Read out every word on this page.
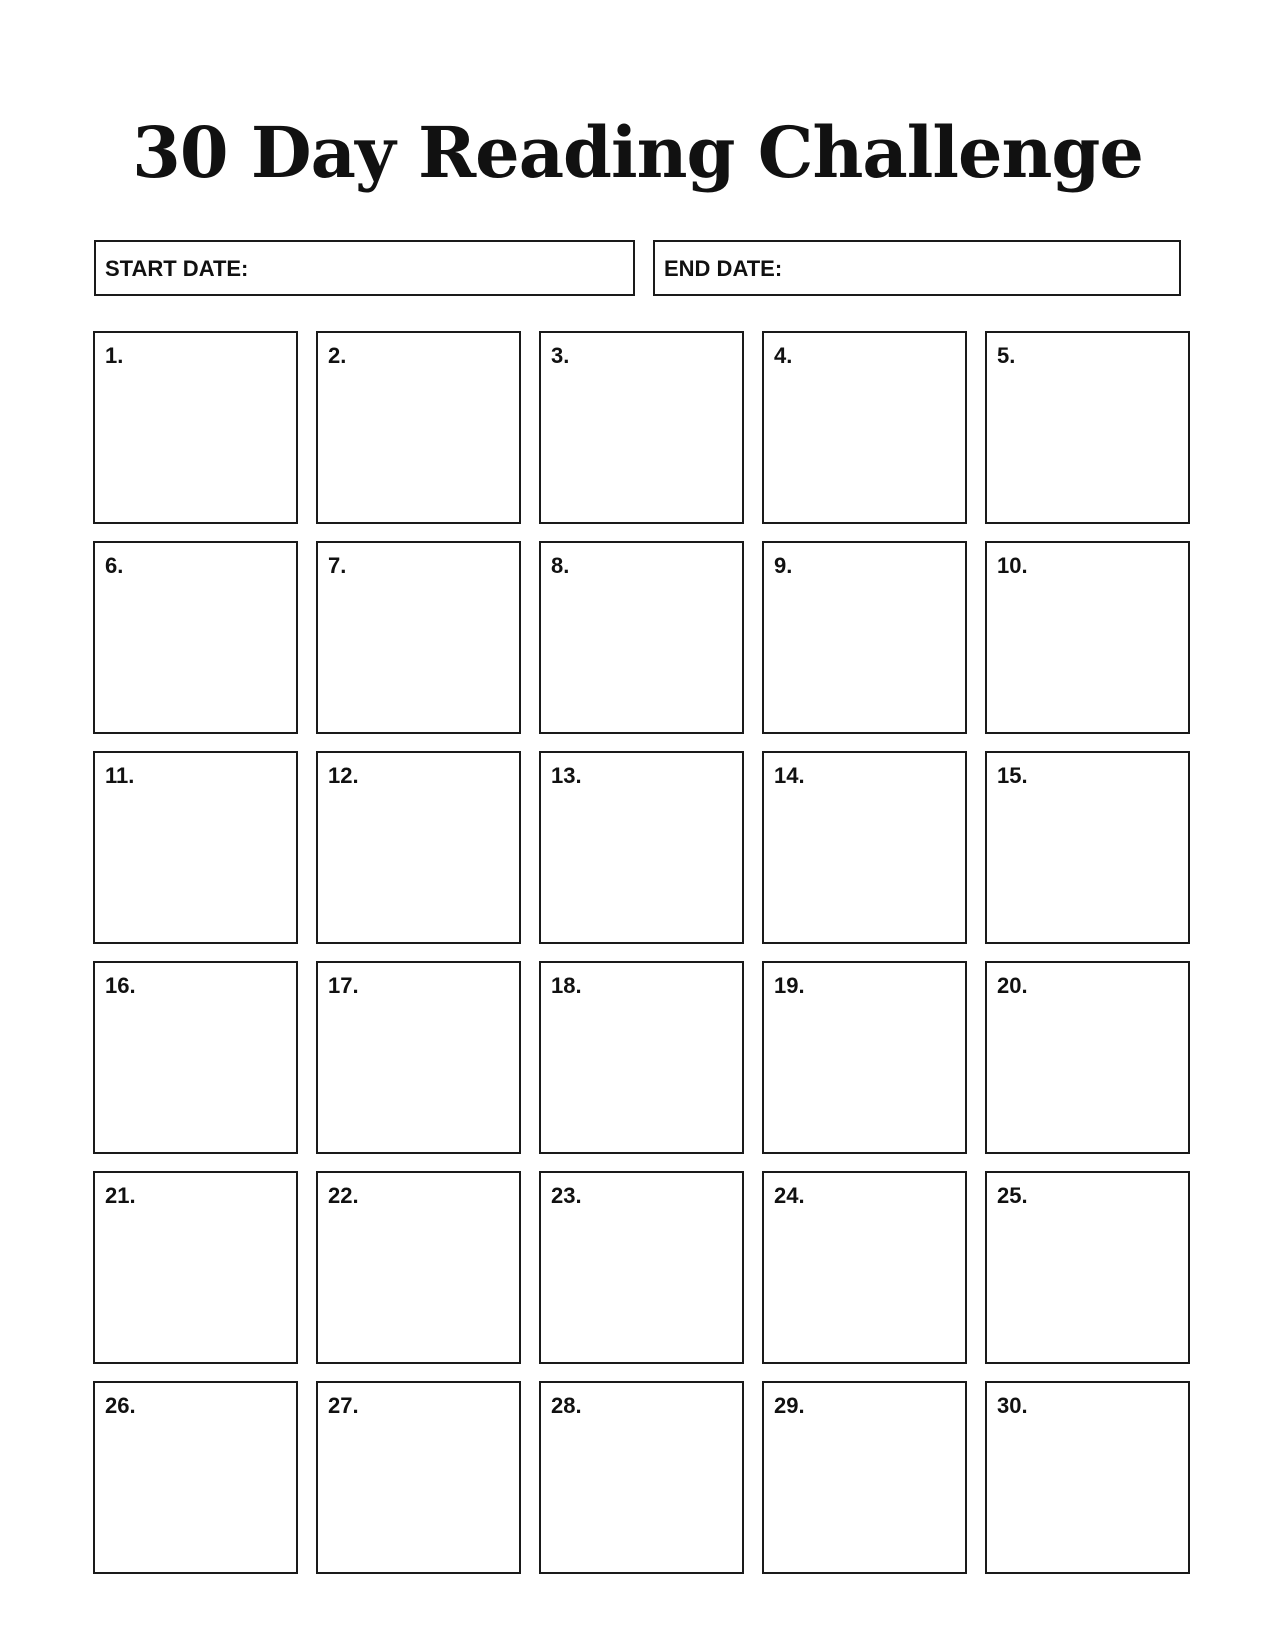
30 Day Reading Challenge
START DATE:	END DATE:
1.	2.	3.	4.	5.
6.	7.	8.	9.	10.
11.	12.	13.	14.	15.
16.	17.	18.	19.	20.
21.	22.	23.	24.	25.
26.	27.	28.	29.	30.
